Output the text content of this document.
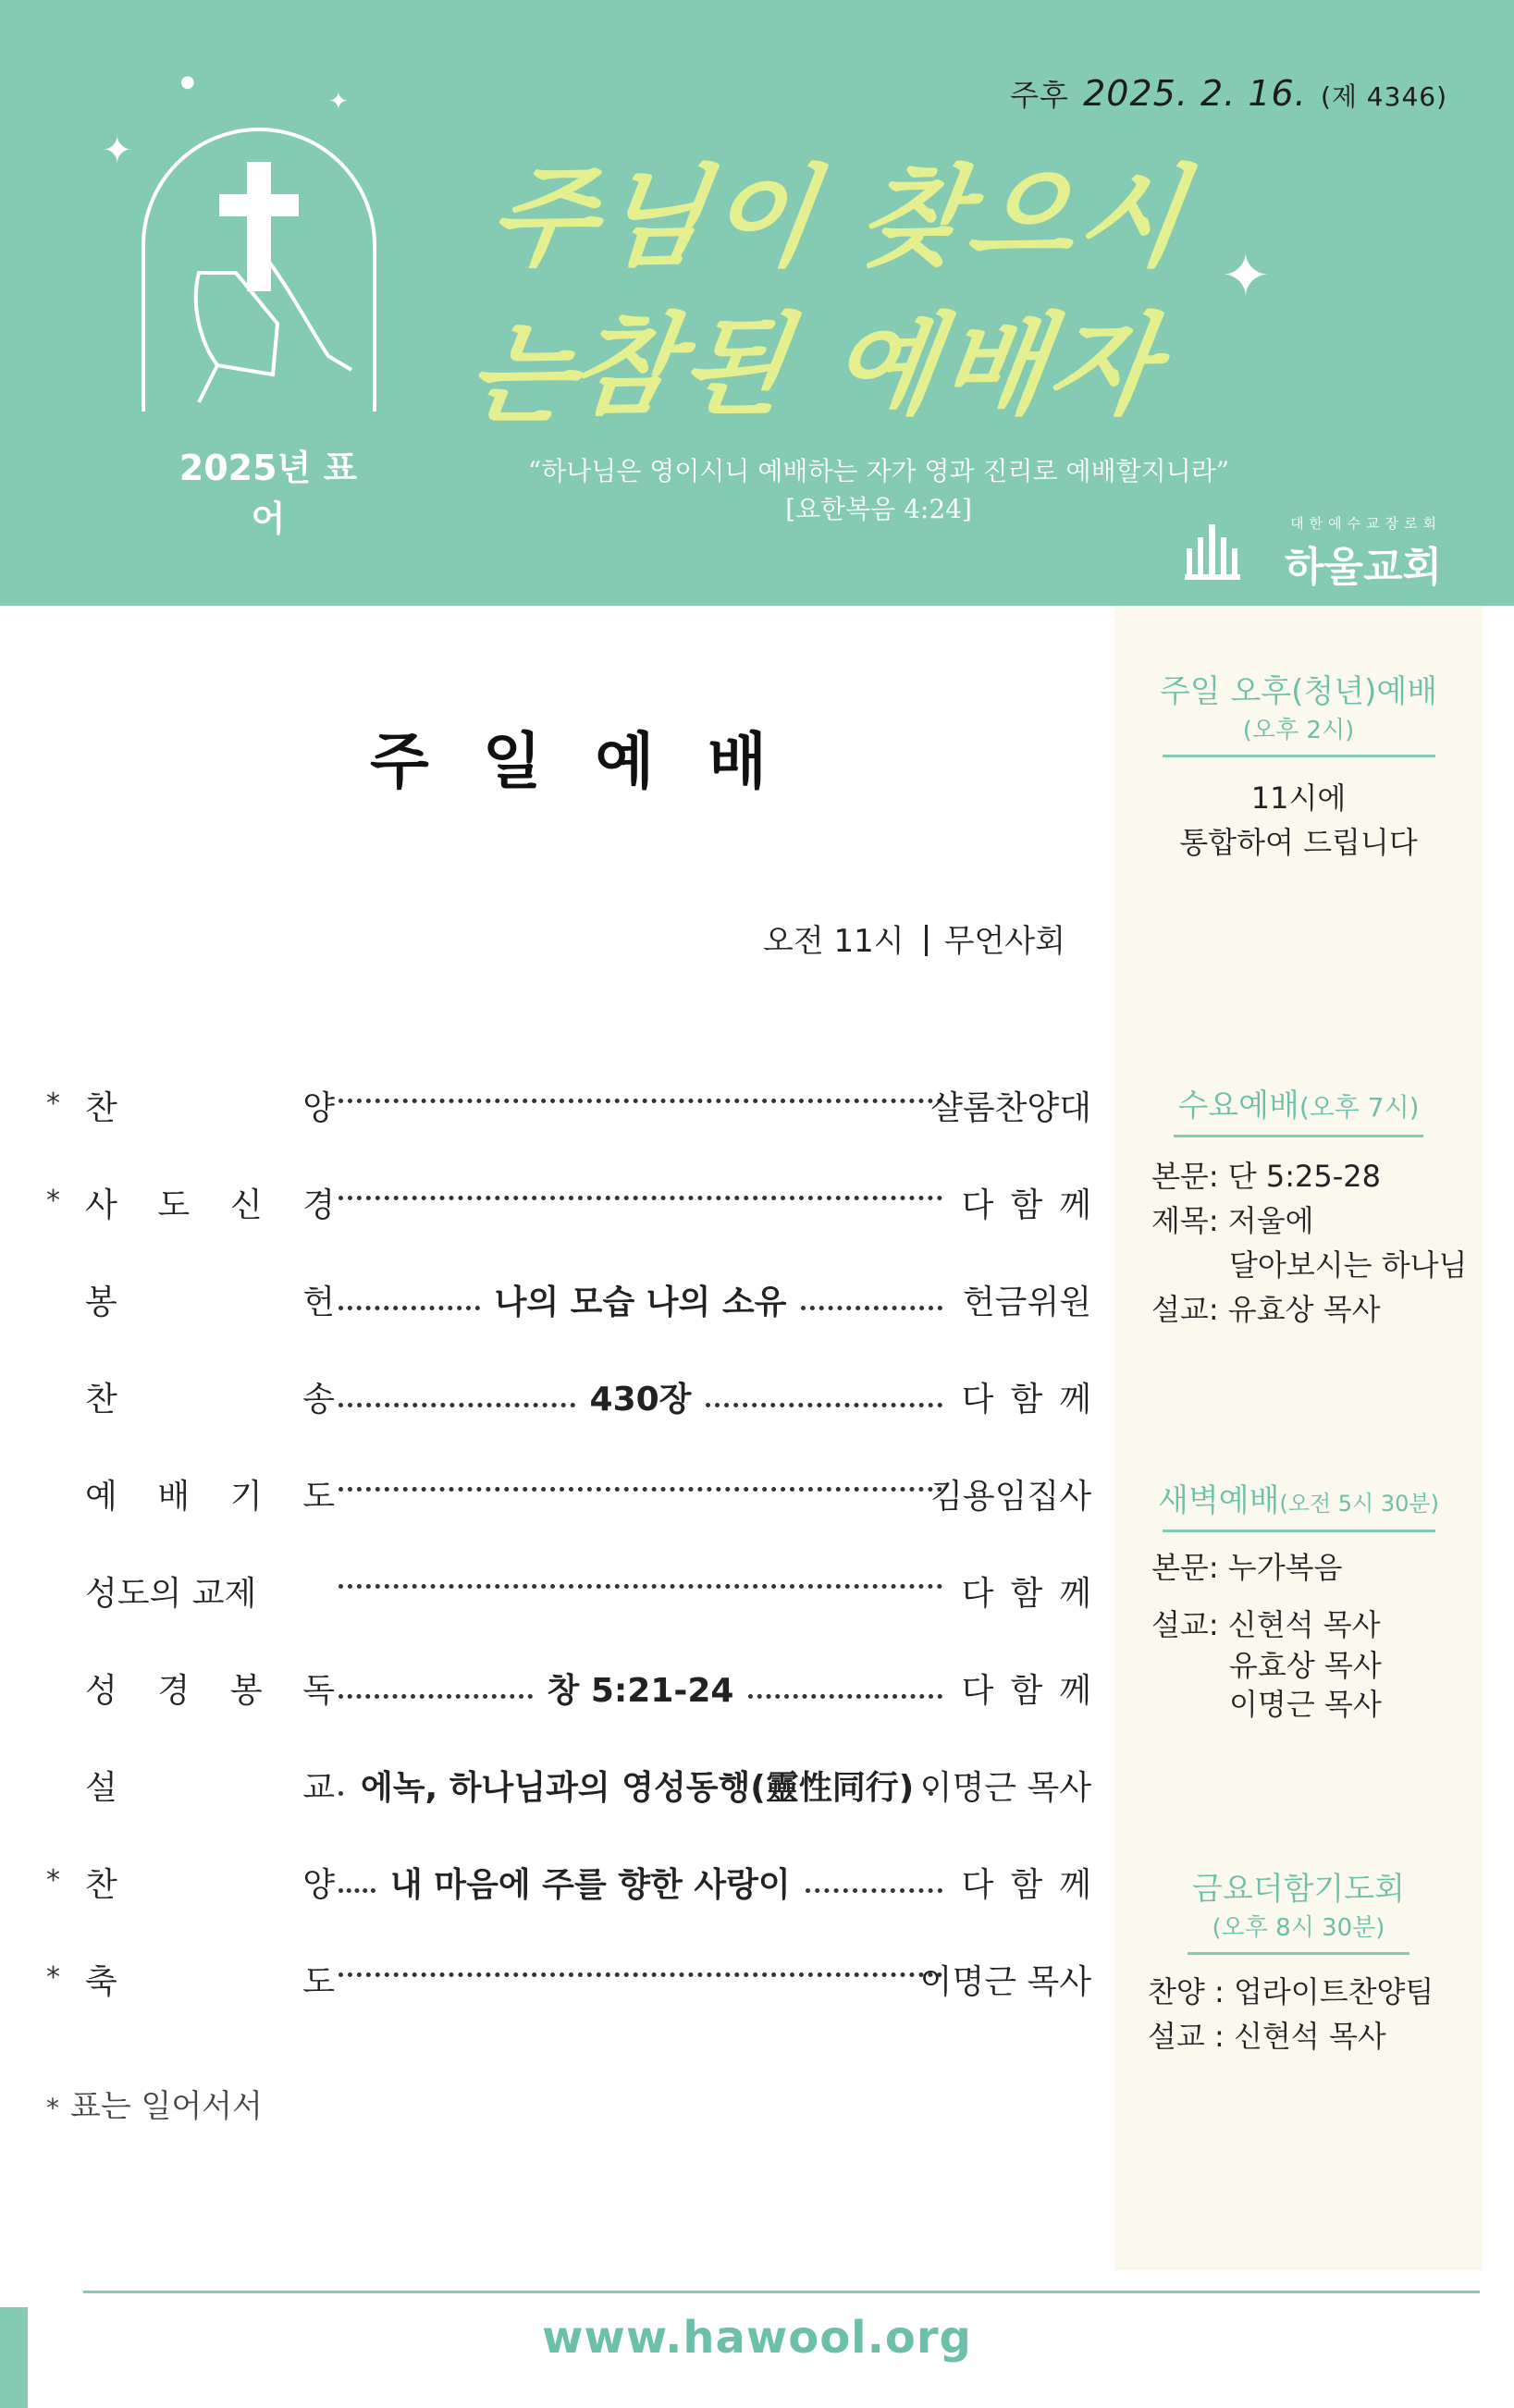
✦
●
✦
✦
주후 2025. 2. 16. (제 4346)
2025년 표어
주님이 찾으시는
참된 예배자
“하나님은 영이시니 예배하는 자가 영과 진리로 예배할지니라”
[요한복음 4:24]	대한예수교장로회
하울교회
주일예배
오전 11시 무언사회
* 찬	양	샬롬찬양대
* 사 도 신 경	다함께
봉	헌	나의 모습 나의 소유	헌금위원
찬	송	430장	다함께
예 배 기 도	김용임집사
성도의 교제	다함께
성 경 봉 독	창 5:21-24	다함께
설	교 에녹, 하나님과의 영성동행(靈性同行) 이명근 목사
* 찬	양 내 마음에 주를 향한 사랑이	다함께
* 축	도	이명근 목사
* 표는 일어서서
주일 오후(청년)예배
(오후 2시)
11시에
통합하여 드립니다
수요예배(오후 7시)
본문: 단 5:25-28
제목: 저울에
달아보시는 하나님
설교: 유효상 목사
새벽예배(오전 5시 30분)
본문: 누가복음
설교: 신현석 목사
유효상 목사
이명근 목사
금요더함기도회
(오후 8시 30분)
찬양 : 업라이트찬양팀
설교 : 신현석 목사
www.hawool.org
